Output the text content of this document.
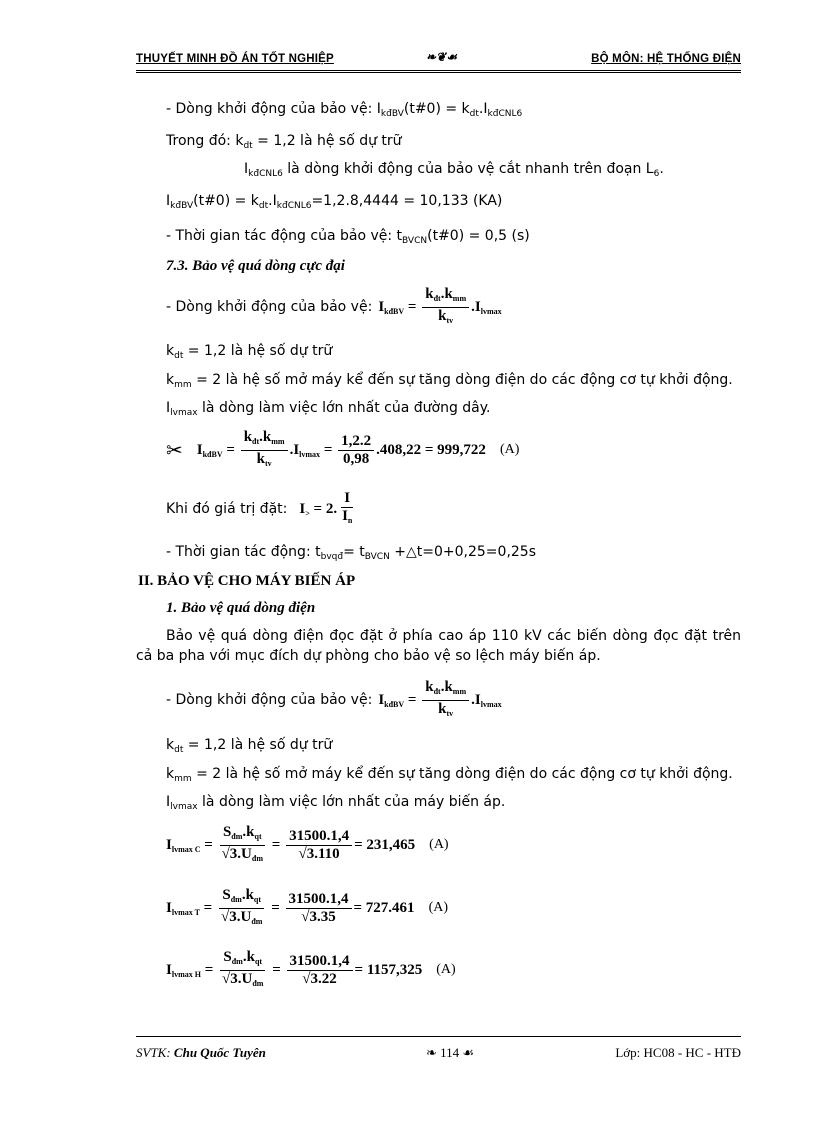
THUYẾT MINH ĐỒ ÁN TỐT NGHIỆP	❧❦☙	BỘ MÔN: HỆ THỐNG ĐIỆN
- Dòng khởi động của bảo vệ: $I_{kđBV}(t\#0) = k_{dt}.I_{kđCNL6}$
Trong đó: $k_{dt} = 1,2$ là hệ số dự trữ
$I_{kđCNL6}$ là dòng khởi động của bảo vệ cắt nhanh trên đoạn $L_6$.
$I_{kđBV}(t\#0) = k_{dt}.I_{kđCNL6}=1,2.8,4444 = 10,133$ (KA)
- Thời gian tác động của bảo vệ: $t_{BVCN}(t\#0) = 0,5$ (s)
7.3. Bảo vệ quá dòng cực đại
- Dòng khởi động của bảo vệ: $I_{kđBV} = \frac{k_{đt}.k_{mm}}{k_{tv}} .I_{lvmax}$
$k_{dt} = 1,2$ là hệ số dự trữ
$k_{mm} = 2$ là hệ số mở máy kể đến sự tăng dòng điện do các động cơ tự khởi động.
$I_{lvmax}$ là dòng làm việc lớn nhất của đường dây.
✂ $I_{kđBV} = \frac{k_{đt}.k_{mm}}{k_{tv}} .I_{lvmax} = \frac{1,2.2}{0,98} .408,22 = 999,722$ (A)
Khi đó giá trị đặt: $I_> = 2$. $\frac{I}{I_n}$
- Thời gian tác động: $t_{bvqđ}= t_{BVCN}$ +△t=0+0,25=0,25s
II. BẢO VỆ CHO MÁY BIẾN ÁP
1. Bảo vệ quá dòng điện
Bảo vệ quá dòng điện đọc đặt ở phía cao áp 110 kV các biến dòng đọc đặt trên cả ba pha với mục đích dự phòng cho bảo vệ so lệch máy biến áp.
- Dòng khởi động của bảo vệ: $I_{kđBV} = \frac{k_{đt}.k_{mm}}{k_{tv}} .I_{lvmax}$
$k_{dt} = 1,2$ là hệ số dự trữ
$k_{mm} = 2$ là hệ số mở máy kể đến sự tăng dòng điện do các động cơ tự khởi động.
$I_{lvmax}$ là dòng làm việc lớn nhất của máy biến áp.
$I_{lvmax C} = \frac{S_{đm}.k_{qt}}{√3.U_{đm}} = \frac{31500.1,4}{√3.110} = 231,465$ (A)
$I_{lvmax T} = \frac{S_{đm}.k_{qt}}{√3.U_{đm}} = \frac{31500.1,4}{√3.35} = 727.461$ (A)
$I_{lvmax H} = \frac{S_{đm}.k_{qt}}{√3.U_{đm}} = \frac{31500.1,4}{√3.22} = 1157,325$ (A)
SVTK: Chu Quốc Tuyên	❧ 114 ☙	Lớp: HC08 - HC - HTĐ
